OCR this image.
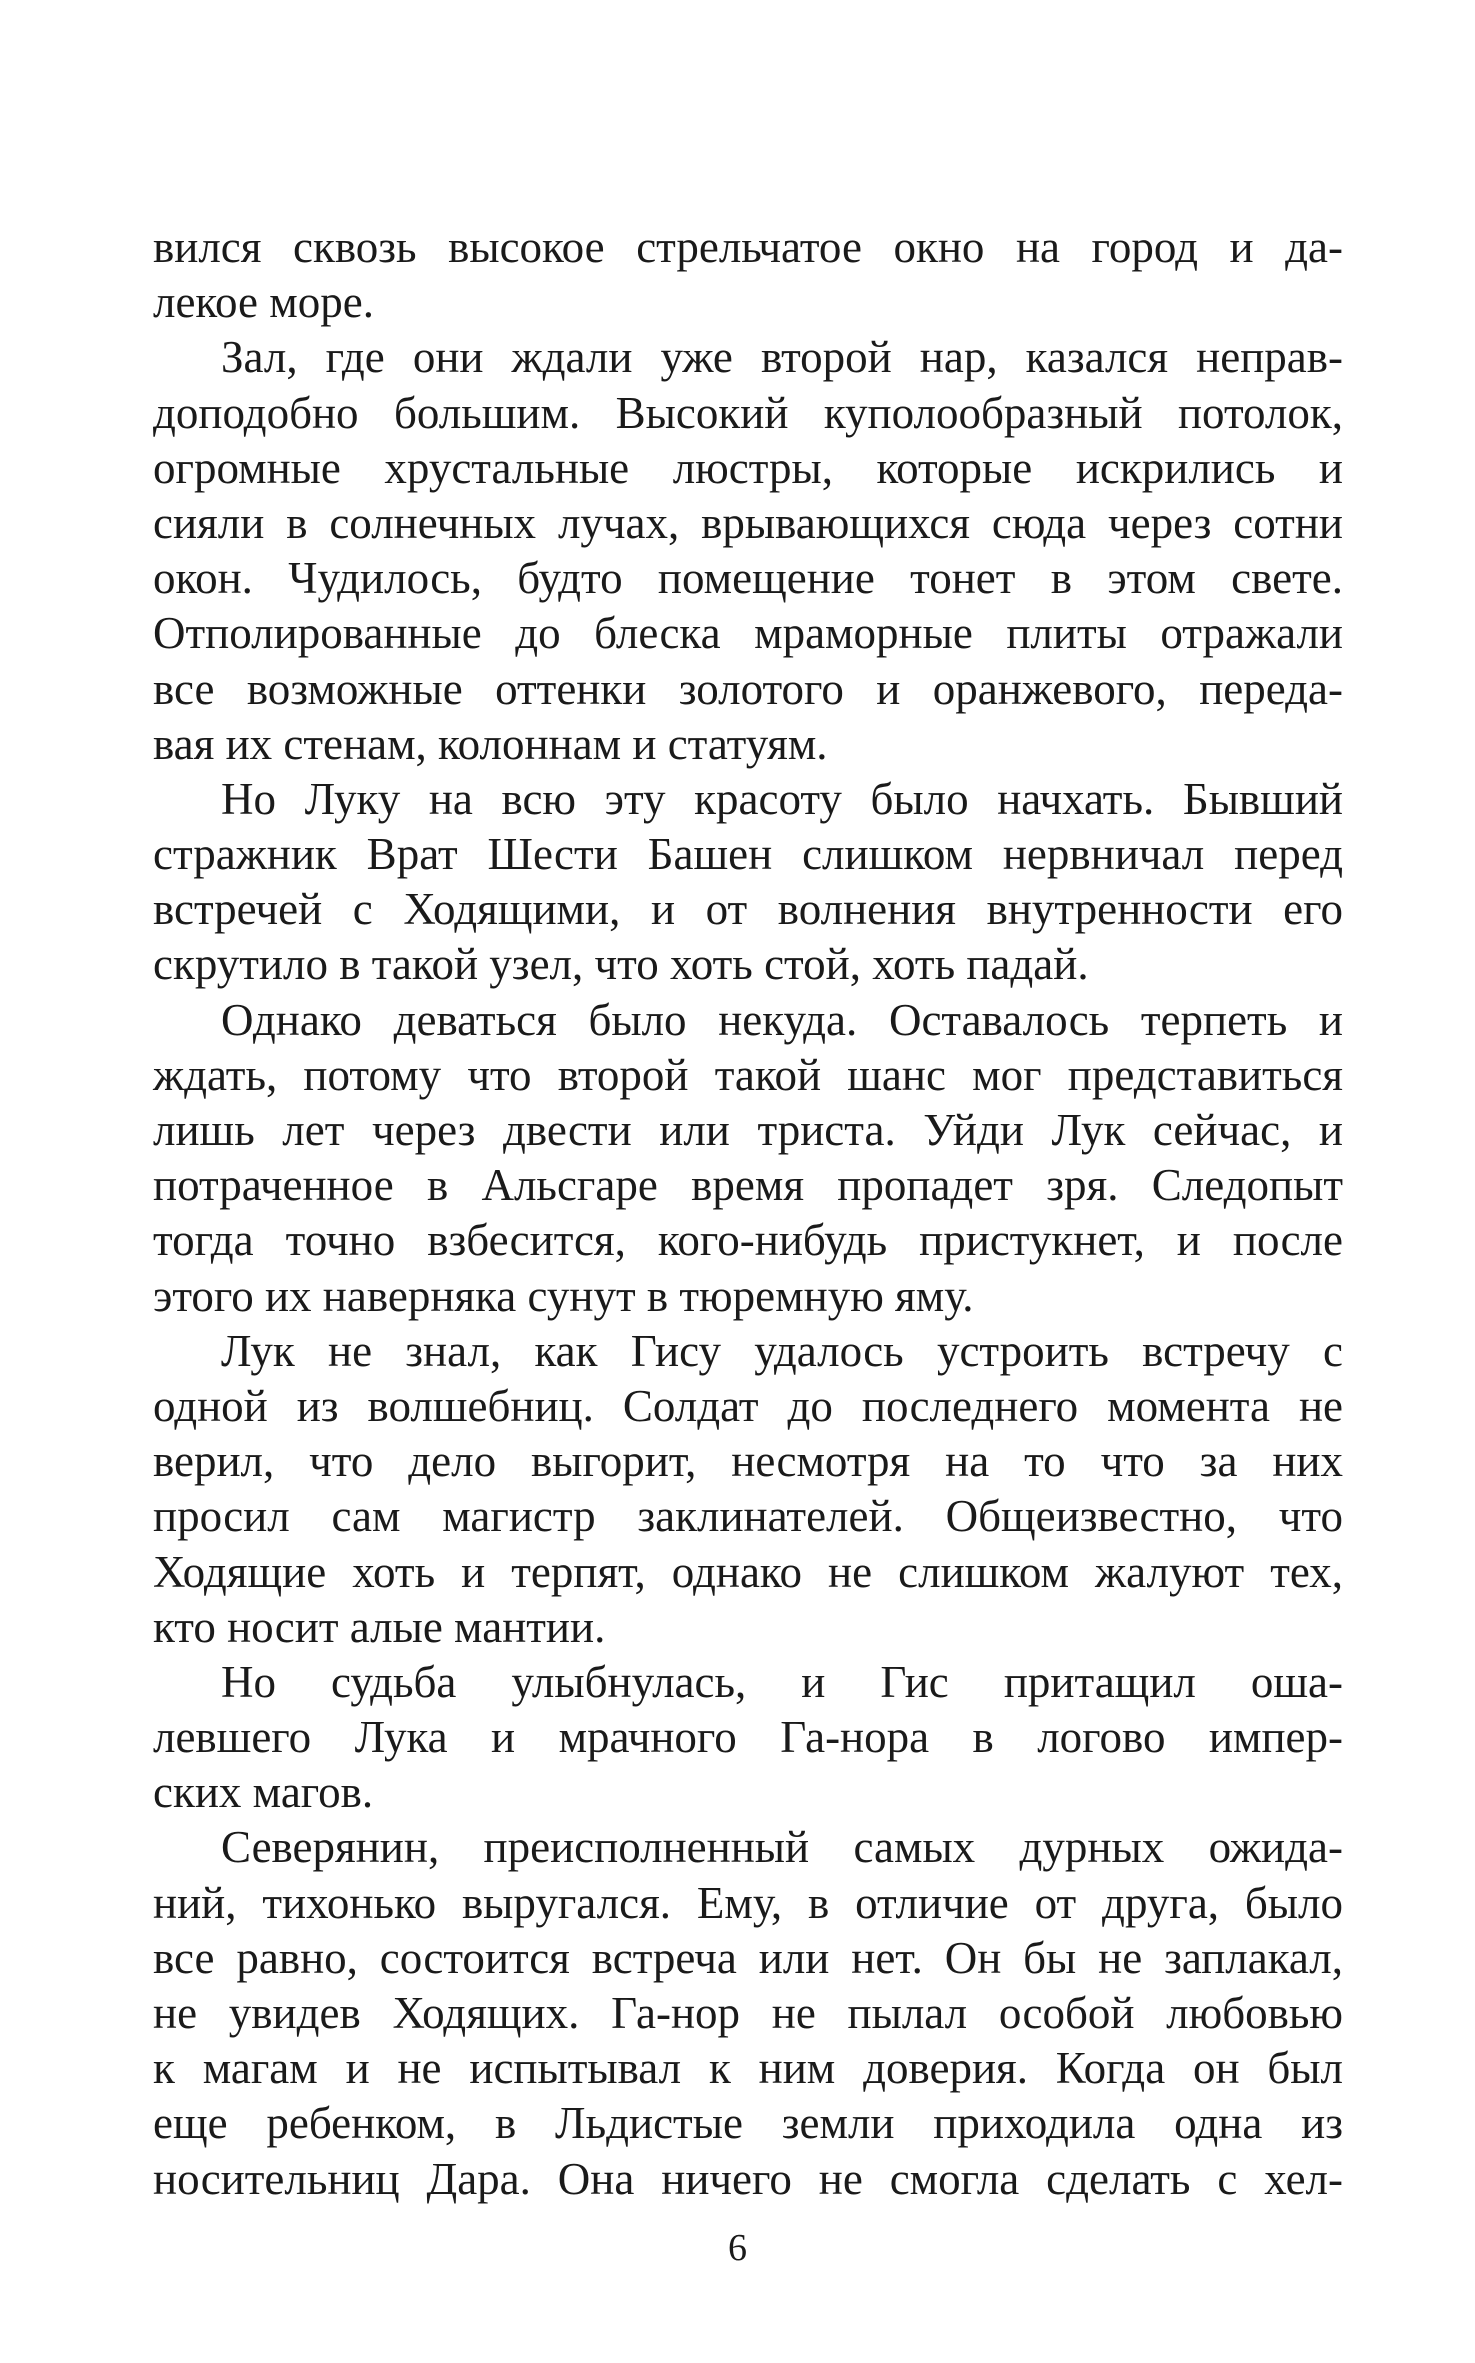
вился сквозь высокое стрельчатое окно на город и да-
лекое море.
Зал, где они ждали уже второй нар, казался неправ-
доподобно большим. Высокий куполообразный потолок,
огромные хрустальные люстры, которые искрились и
сияли в солнечных лучах, врывающихся сюда через сотни
окон. Чудилось, будто помещение тонет в этом свете.
Отполированные до блеска мраморные плиты отражали
все возможные оттенки золотого и оранжевого, переда-
вая их стенам, колоннам и статуям.
Но Луку на всю эту красоту было начхать. Бывший
стражник Врат Шести Башен слишком нервничал перед
встречей с Ходящими, и от волнения внутренности его
скрутило в такой узел, что хоть стой, хоть падай.
Однако деваться было некуда. Оставалось терпеть и
ждать, потому что второй такой шанс мог представиться
лишь лет через двести или триста. Уйди Лук сейчас, и
потраченное в Альсгаре время пропадет зря. Следопыт
тогда точно взбесится, кого-нибудь пристукнет, и после
этого их наверняка сунут в тюремную яму.
Лук не знал, как Гису удалось устроить встречу с
одной из волшебниц. Солдат до последнего момента не
верил, что дело выгорит, несмотря на то что за них
просил сам магистр заклинателей. Общеизвестно, что
Ходящие хоть и терпят, однако не слишком жалуют тех,
кто носит алые мантии.
Но судьба улыбнулась, и Гис притащил оша-
левшего Лука и мрачного Га-нора в логово импер-
ских магов.
Северянин, преисполненный самых дурных ожида-
ний, тихонько выругался. Ему, в отличие от друга, было
все равно, состоится встреча или нет. Он бы не заплакал,
не увидев Ходящих. Га-нор не пылал особой любовью
к магам и не испытывал к ним доверия. Когда он был
еще ребенком, в Льдистые земли приходила одна из
носительниц Дара. Она ничего не смогла сделать с хел-
6
